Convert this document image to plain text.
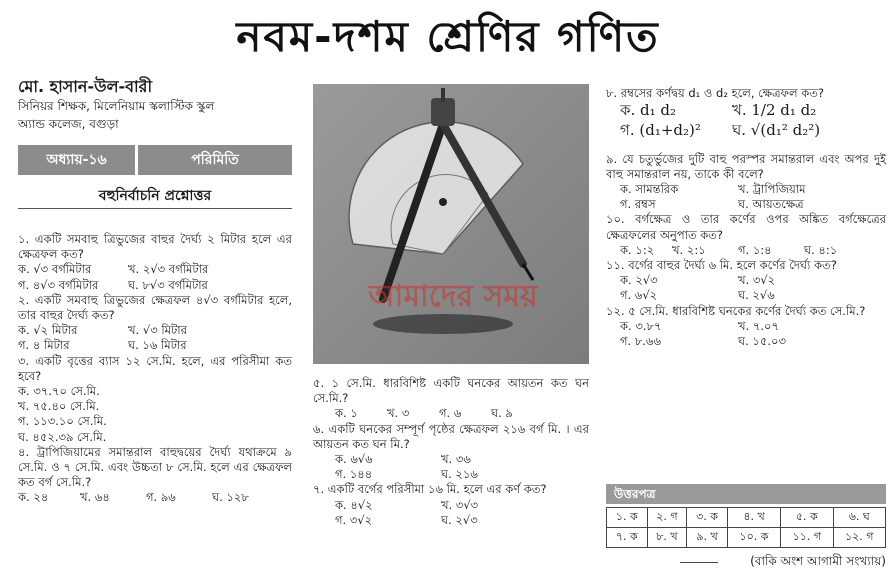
নবম-দশম শ্রেণির গণিত
মো. হাসান-উল-বারী
সিনিয়র শিক্ষক, মিলেনিয়াম স্কলাস্টিক স্কুল
অ্যান্ড কলেজ, বগুড়া
অধ্যায়-১৬	পরিমিতি
বহুনির্বাচনি প্রশ্নোত্তর
১. একটি সমবাহু ত্রিভুজের বাহুর দৈর্ঘ্য ২ মিটার হলে এর ক্ষেত্রফল কত?
ক. √৩ বর্গমিটার	খ. ২√৩ বর্গমিটার
গ. ৪√৩ বর্গমিটার	ঘ. ৮√৩ বর্গমিটার
২. একটি সমবাহু ত্রিভুজের ক্ষেত্রফল ৪√৩ বর্গমিটার হলে, তার বাহুর দৈর্ঘ্য কত?
ক. √২ মিটার	খ. √৩ মিটার
গ. ৪ মিটার	ঘ. ১৬ মিটার
৩. একটি বৃত্তের ব্যাস ১২ সে.মি. হলে, এর পরিসীমা কত হবে?
ক. ৩৭.৭০ সে.মি.
খ. ৭৫.৪০ সে.মি.
গ. ১১৩.১০ সে.মি.
ঘ. ৪৫২.৩৯ সে.মি.
৪. ট্রাপিজিয়ামের সমান্তরাল বাহুদ্বয়ের দৈর্ঘ্য যথাক্রমে ৯ সে.মি. ও ৭ সে.মি. এবং উচ্চতা ৮ সে.মি. হলে এর ক্ষেত্রফল কত বর্গ সে.মি.?
ক. ২৪	খ. ৬৪	গ. ৯৬	ঘ. ১২৮
আমাদের সময়
৫. ১ সে.মি. ধারবিশিষ্ট একটি ঘনকের আয়তন কত ঘন সে.মি.?
ক. ১	খ. ৩	গ. ৬	ঘ. ৯
৬. একটি ঘনকের সম্পূর্ণ পৃষ্ঠের ক্ষেত্রফল ২১৬ বর্গ মি. । এর আয়তন কত ঘন মি.?
ক. ৬√৬	খ. ৩৬
গ. ১৪৪	ঘ. ২১৬
৭. একটি বর্গের পরিসীমা ১৬ মি. হলে এর কর্ণ কত?
ক. ৪√২	খ. ৩√৩
গ. ৩√২	ঘ. ২√৩
৮. রম্বসের কর্ণদ্বয় d₁ ও d₂ হলে, ক্ষেত্রফল কত?
ক. d₁ d₂	খ. 1/2 d₁ d₂
গ. (d₁+d₂)² ঘ. √(d₁² d₂²)
৯. যে চতুর্ভুজের দুটি বাহু পরস্পর সমান্তরাল এবং অপর দুই বাহু সমান্তরাল নয়, তাকে কী বলে?
ক. সামন্তরিক	খ. ট্রাপিজিয়াম
গ. রম্বস	ঘ. আয়তক্ষেত্র
১০. বর্গক্ষেত্র ও তার কর্ণের ওপর অঙ্কিত বর্গক্ষেত্রের ক্ষেত্রফলের অনুপাত কত?
ক. ১:২ খ. ২:১	গ. ১:৪	ঘ. ৪:১
১১. বর্গের বাহুর দৈর্ঘ্য ৬ মি. হলে কর্ণের দৈর্ঘ্য কত?
ক. ২√৩	খ. ৩√২
গ. ৬√২	ঘ. ২√৬
১২. ৫ সে.মি. ধারবিশিষ্ট ঘনকের কর্ণের দৈর্ঘ্য কত সে.মি.?
ক. ৩.৮৭	খ. ৭.০৭
গ. ৮.৬৬	ঘ. ১৫.০৩
উত্তরপত্র
১. ক	২. গ	৩. ক	৪. খ	৫. ক	৬. ঘ
৭. ক	৮. খ	৯. খ	১০. ক	১১. গ	১২. গ
(বাকি অংশ আগামী সংখ্যায়)
